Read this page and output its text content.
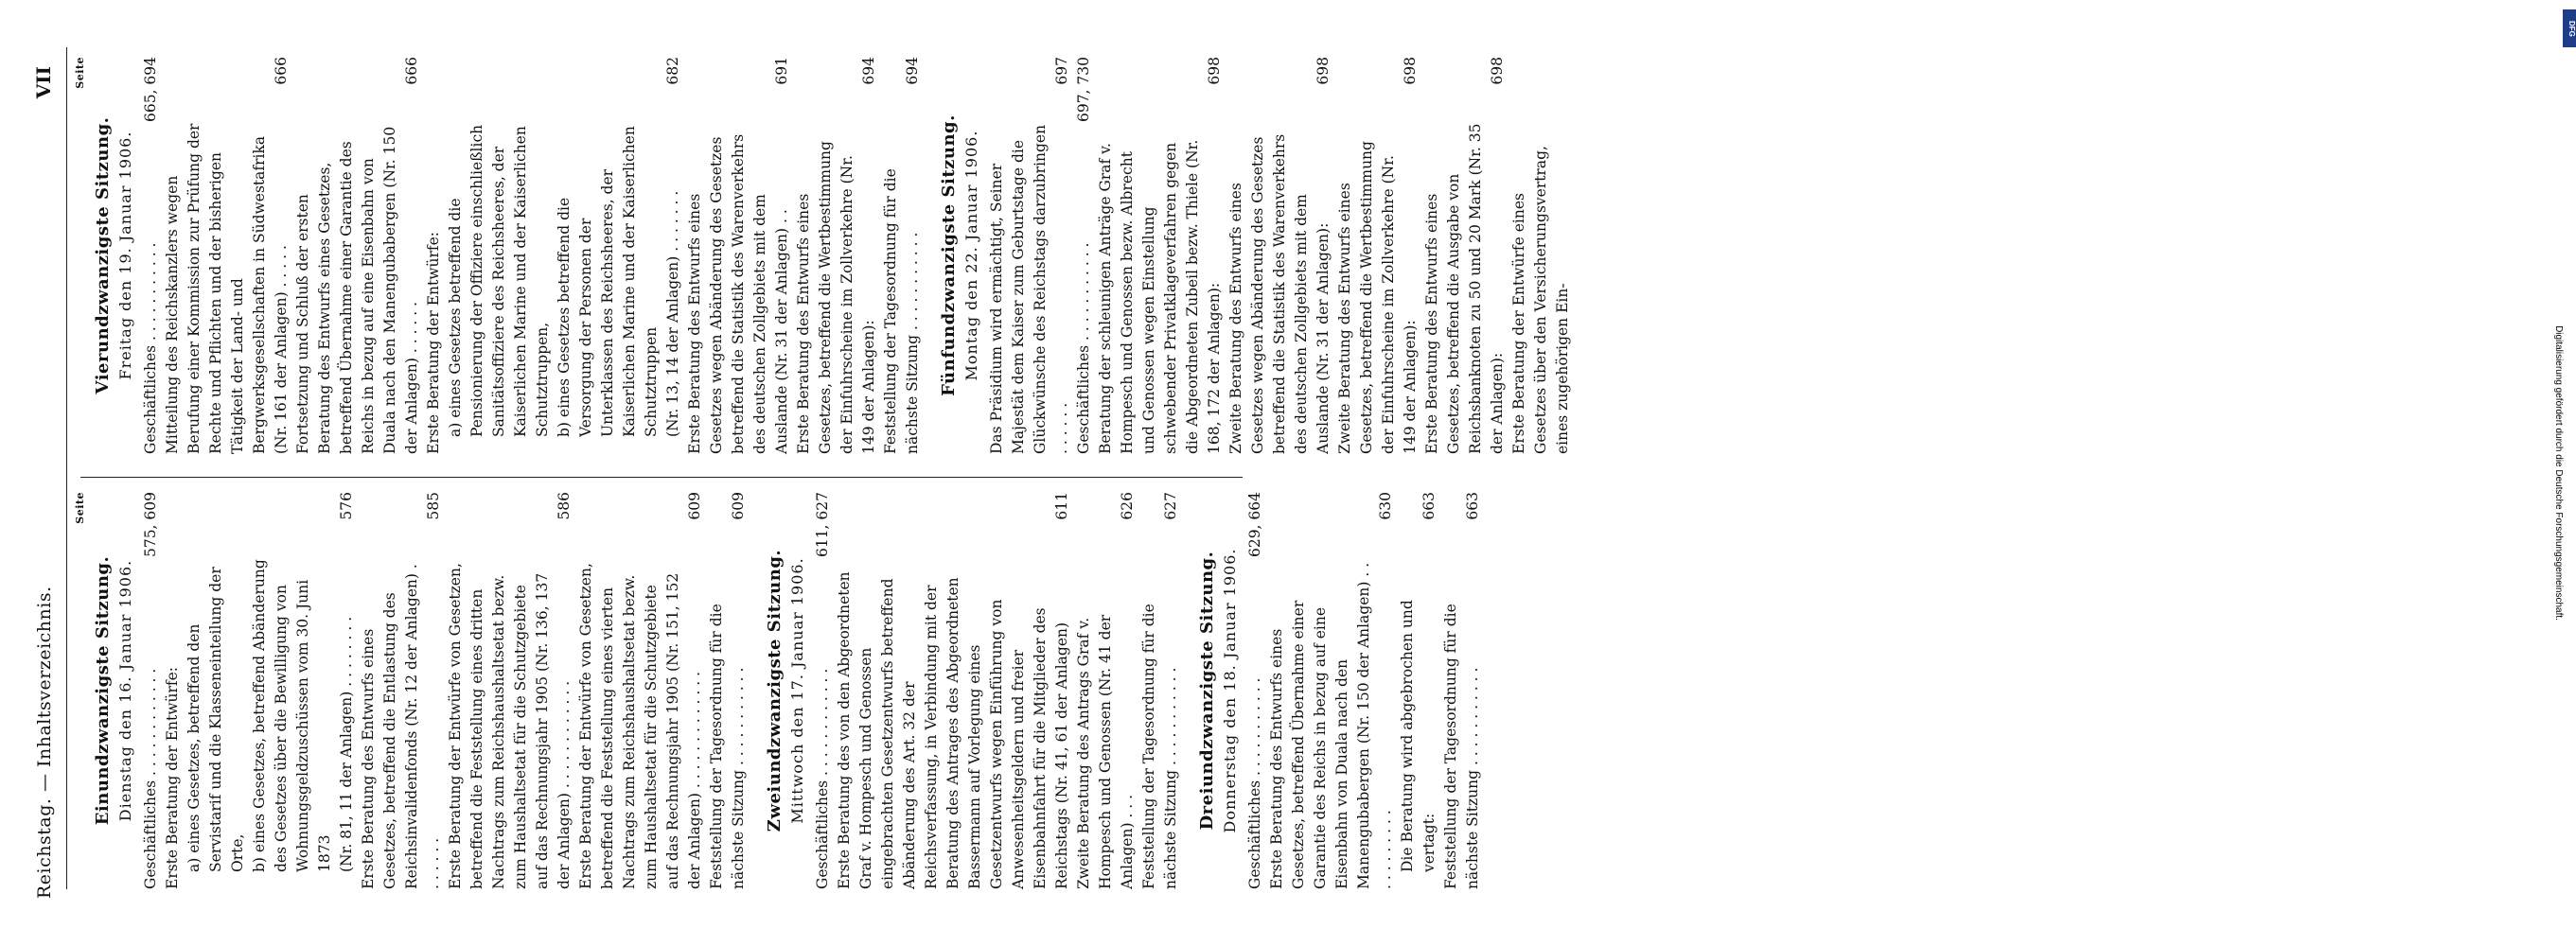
Reichstag. — Inhaltsverzeichnis.
VII
Seite
Einundzwanzigste Sitzung. Dienstag den 16. Januar 1906. Geschäftliches . . . . . . . . . . . .
575, 609
Erste Beratung der Entwürfe: a) eines Gesetzes, betreffend den Servistarif und die Klasseneinteilung der Orte, b) eines Gesetzes, betreffend Abänderung des Gesetzes über die Bewilligung von Wohnungsgeldzuschüssen vom 30. Juni 1873 (Nr. 81, 11 der Anlagen) . . . . . . . .
576
Erste Beratung des Entwurfs eines Gesetzes, betreffend die Entlastung des Reichsinvalidenfonds (Nr. 12 der Anlagen) . . . . . . .
585
Erste Beratung der Entwürfe von Gesetzen, betreffend die Feststellung eines dritten Nachtrags zum Reichshaushaltsetat bezw. zum Haushaltsetat für die Schutzgebiete auf das Rechnungsjahr 1905 (Nr. 136, 137 der Anlagen) . . . . . . . . . . . .
586
Erste Beratung der Entwürfe von Gesetzen, betreffend die Feststellung eines vierten Nachtrags zum Reichshaushaltsetat bezw. zum Haushaltsetat für die Schutzgebiete auf das Rechnungsjahr 1905 (Nr. 151, 152 der Anlagen) . . . . . . . . . . . . .
609
Feststellung der Tagesordnung für die nächste Sitzung . . . . . . . . . . .
609
Zweiundzwanzigste Sitzung. Mittwoch den 17. Januar 1906. Geschäftliches . . . . . . . . . . . .
611, 627
Erste Beratung des von den Abgeordneten Graf v. Hompesch und Genossen eingebrachten Gesetzentwurfs betreffend Abänderung des Art. 32 der Reichsverfassung, in Verbindung mit der Beratung des Antrages des Abgeordneten Bassermann auf Vorlegung eines Gesetzentwurfs wegen Einführung von Anwesenheitsgeldern und freier Eisenbahnfahrt für die Mitglieder des Reichstags (Nr. 41, 61 der Anlagen)
611
Zweite Beratung des Antrags Graf v. Hompesch und Genossen (Nr. 41 der Anlagen) . . .
626
Feststellung der Tagesordnung für die nächste Sitzung . . . . . . . . . . .
627
Dreiundzwanzigste Sitzung. Donnerstag den 18. Januar 1906. Geschäftliches . . . . . . . . . . .
629, 664
Erste Beratung des Entwurfs eines Gesetzes, betreffend Übernahme einer Garantie des Reichs in bezug auf eine Eisenbahn von Duala nach den Manengubabergen (Nr. 150 der Anlagen) . . . . . . . . . . .
630
Die Beratung wird abgebrochen und vertagt:
663
Feststellung der Tagesordnung für die nächste Sitzung . . . . . . . . . . .
663
Seite
Vierundzwanzigste Sitzung. Freitag den 19. Januar 1906. Geschäftliches . . . . . . . . . . .
665, 694
Mitteilung des Reichskanzlers wegen Berufung einer Kommission zur Prüfung der Rechte und Pflichten und der bisherigen Tätigkeit der Land- und Bergwerksgesellschaften in Südwestafrika (Nr. 161 der Anlagen) . . . . .
666
Fortsetzung und Schluß der ersten Beratung des Entwurfs eines Gesetzes, betreffend Übernahme einer Garantie des Reichs in bezug auf eine Eisenbahn von Duala nach den Manengubabergen (Nr. 150 der Anlagen) . . . . . .
666
Erste Beratung der Entwürfe: a) eines Gesetzes betreffend die Pensionierung der Offiziere einschließlich Sanitätsoffiziere des Reichsheeres, der Kaiserlichen Marine und der Kaiserlichen Schutztruppen, b) eines Gesetzes betreffend die Versorgung der Personen der Unterklassen des Reichsheeres, der Kaiserlichen Marine und der Kaiserlichen Schutztruppen (Nr. 13, 14 der Anlagen) . . . . . . .
682
Erste Beratung des Entwurfs eines Gesetzes wegen Abänderung des Gesetzes betreffend die Statistik des Warenverkehrs des deutschen Zollgebiets mit dem Auslande (Nr. 31 der Anlagen) . .
691
Erste Beratung des Entwurfs eines Gesetzes, betreffend die Wertbestimmung der Einfuhrscheine im Zollverkehre (Nr. 149 der Anlagen):
694
Feststellung der Tagesordnung für die nächste Sitzung . . . . . . . . . . .
694
Fünfundzwanzigste Sitzung. Montag den 22. Januar 1906. Das Präsidium wird ermächtigt, Seiner Majestät dem Kaiser zum Geburtstage die Glückwünsche des Reichstags darzubringen . . . . . .
697
Geschäftliches . . . . . . . . . . .
697, 730
Beratung der schleunigen Anträge Graf v. Hompesch und Genossen bezw. Albrecht und Genossen wegen Einstellung schwebender Privatklageverfahren gegen die Abgeordneten Zubeil bezw. Thiele (Nr. 168, 172 der Anlagen):
698
Zweite Beratung des Entwurfs eines Gesetzes wegen Abänderung des Gesetzes betreffend die Statistik des Warenverkehrs des deutschen Zollgebiets mit dem Auslande (Nr. 31 der Anlagen):
698
Zweite Beratung des Entwurfs eines Gesetzes, betreffend die Wertbestimmung der Einfuhrscheine im Zollverkehre (Nr. 149 der Anlagen):
698
Erste Beratung des Entwurfs eines Gesetzes, betreffend die Ausgabe von Reichsbanknoten zu 50 und 20 Mark (Nr. 35 der Anlagen):
698
Erste Beratung der Entwürfe eines Gesetzes über den Versicherungsvertrag, eines zugehörigen Ein-
DFG
Digitalisierung gefördert durch die Deutsche Forschungsgemeinschaft.
